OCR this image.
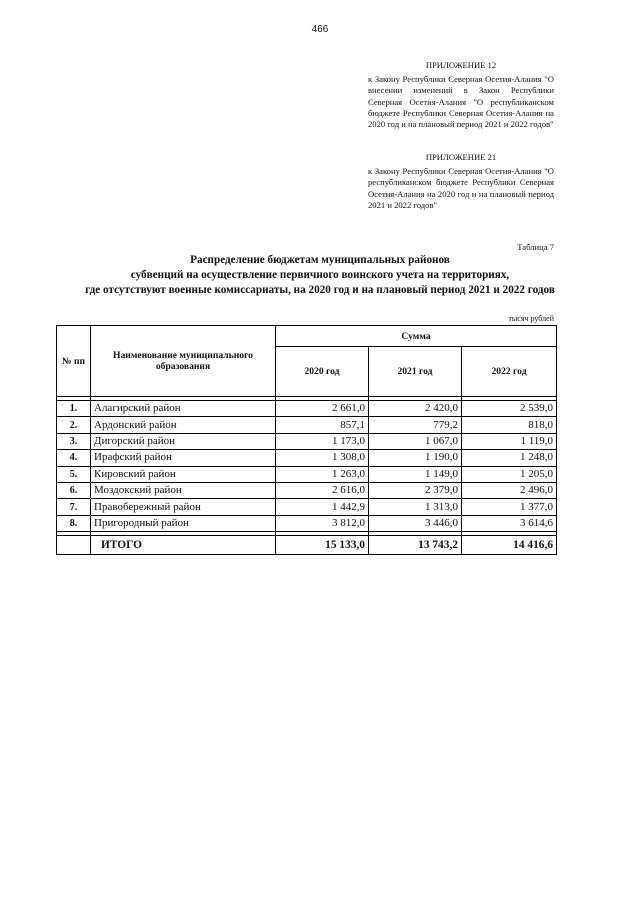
466
ПРИЛОЖЕНИЕ 12
к Закону Республики Северная Осетия-Алания "О внесении изменений в Закон Республики Северная Осетия-Алания "О республиканском бюджете Республики Северная Осетия-Алания на 2020 год и на плановый период 2021 и 2022 годов"
ПРИЛОЖЕНИЕ 21
к Закону Республики Северная Осетия-Алания "О республиканском бюджете Республики Северная Осетия-Алания на 2020 год и на плановый период 2021 и 2022 годов"
Таблица 7
Распределение бюджетам муниципальных районов
субвенций на осуществление первичного воинского учета на территориях,
где отсутствуют военные комиссариаты, на 2020 год и на плановый период 2021 и 2022 годов
тысяч рублей
№ пп	Наименование муниципального образования	Сумма		
		2020 год	2021 год	2022 год

1.	Алагирский район	2 661,0	2 420,0	2 539,0
2.	Ардонский район	857,1	779,2	818,0
3.	Дигорский район	1 173,0	1 067,0	1 119,0
4.	Ирафский район	1 308,0	1 190,0	1 248,0
5.	Кировский район	1 263,0	1 149,0	1 205,0
6.	Моздокский район	2 616,0	2 379,0	2 496,0
7.	Правобережный район	1 442,9	1 313,0	1 377,0
8.	Пригородный район	3 812,0	3 446,0	3 614,6

	ИТОГО	15 133,0	13 743,2	14 416,6
